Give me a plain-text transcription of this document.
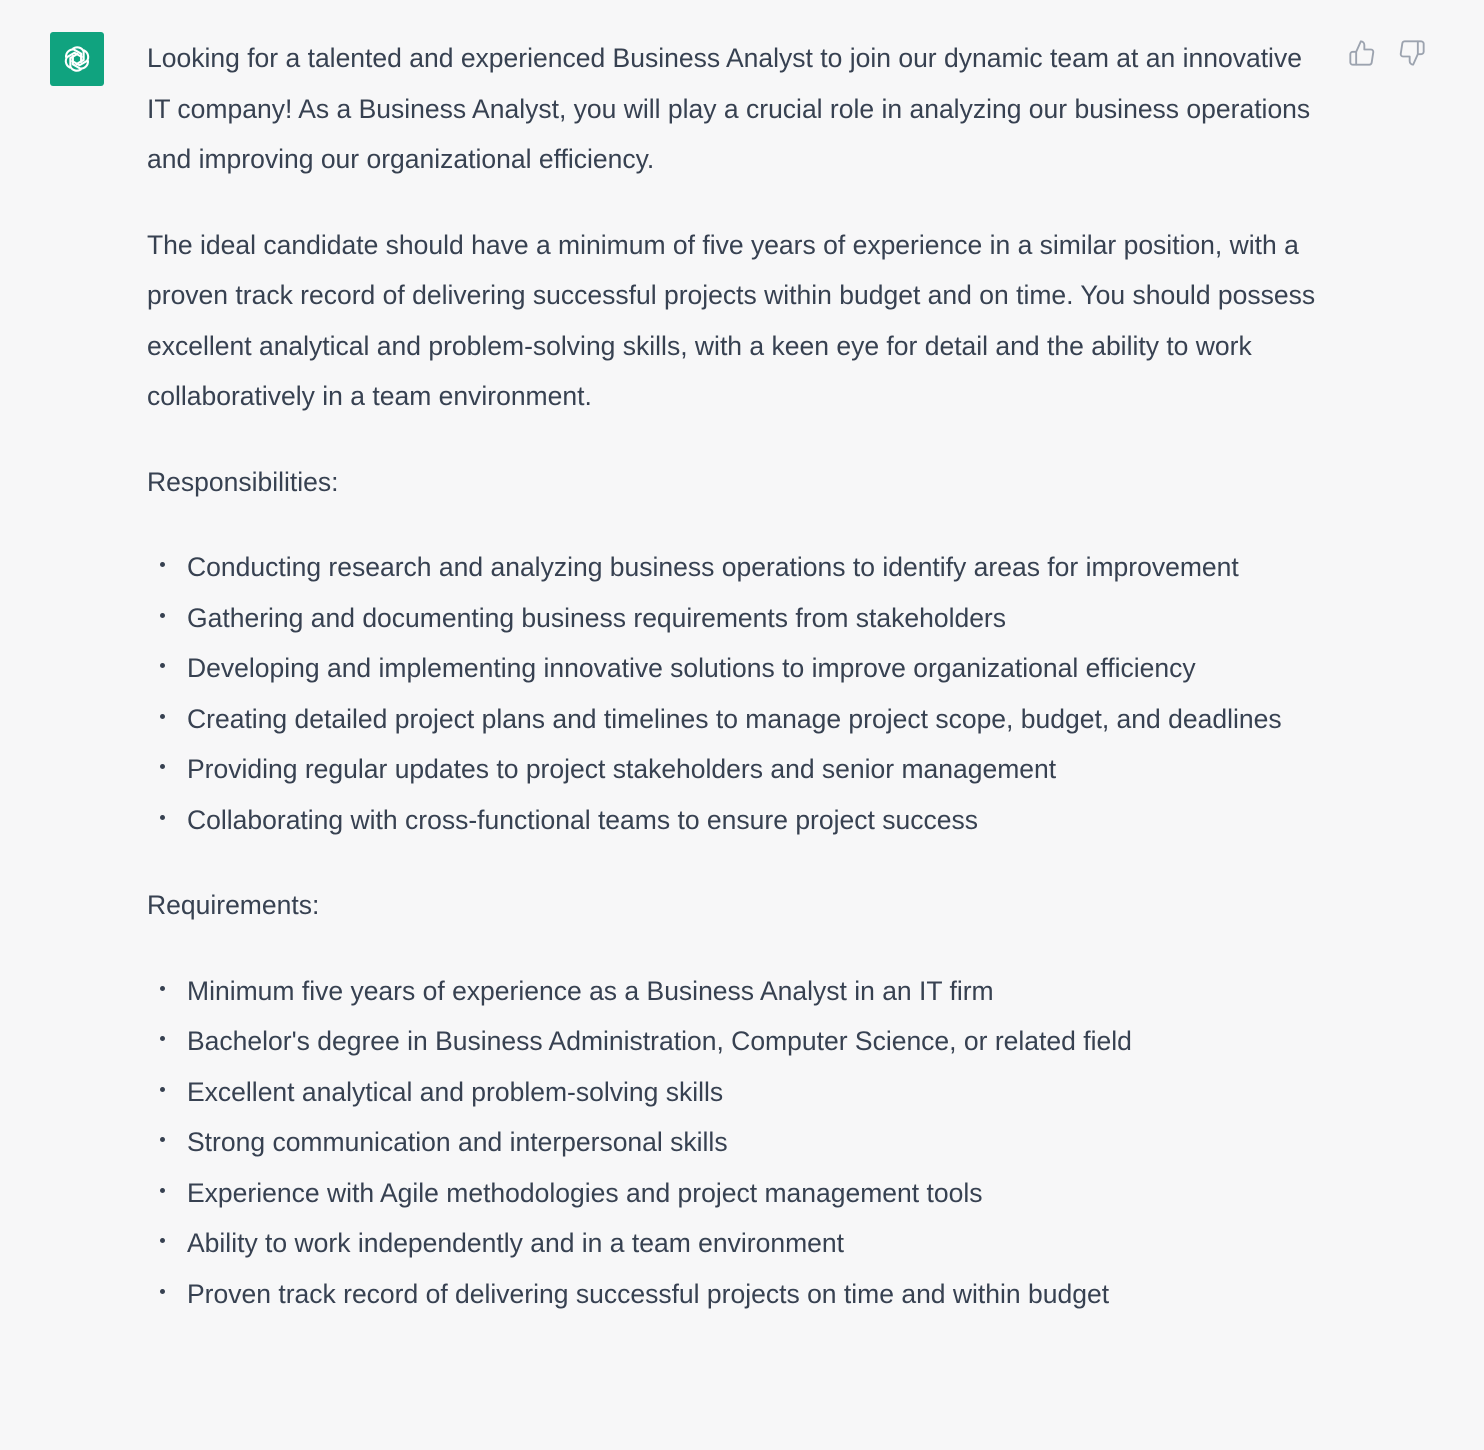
Looking for a talented and experienced Business Analyst to join our dynamic team at an innovative IT company! As a Business Analyst, you will play a crucial role in analyzing our business operations and improving our organizational efficiency.

The ideal candidate should have a minimum of five years of experience in a similar position, with a proven track record of delivering successful projects within budget and on time. You should possess excellent analytical and problem-solving skills, with a keen eye for detail and the ability to work collaboratively in a team environment.

Responsibilities:

Conducting research and analyzing business operations to identify areas for improvement
Gathering and documenting business requirements from stakeholders
Developing and implementing innovative solutions to improve organizational efficiency
Creating detailed project plans and timelines to manage project scope, budget, and deadlines
Providing regular updates to project stakeholders and senior management
Collaborating with cross-functional teams to ensure project success

Requirements:

Minimum five years of experience as a Business Analyst in an IT firm
Bachelor's degree in Business Administration, Computer Science, or related field
Excellent analytical and problem-solving skills
Strong communication and interpersonal skills
Experience with Agile methodologies and project management tools
Ability to work independently and in a team environment
Proven track record of delivering successful projects on time and within budget
